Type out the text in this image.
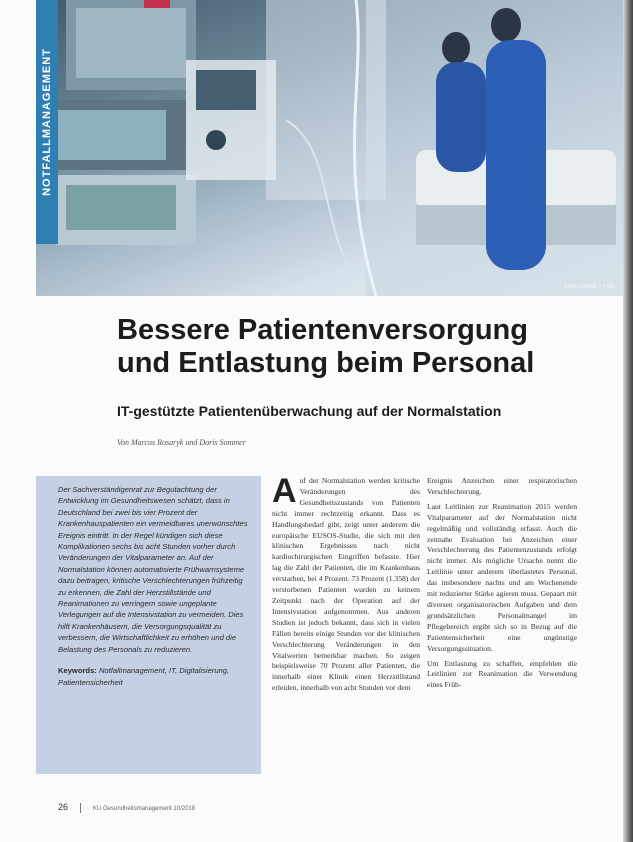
Foto: iStock – Foto
NOTFALLMANAGEMENT
Bessere Patientenversorgung
und Entlastung beim Personal
IT-gestützte Patientenüberwachung auf der Normalstation
Von Marcus Rosaryk und Doris Sommer

Der Sachverständigenrat zur Begutachtung der Entwicklung im Gesundheitswesen schätzt, dass in Deutschland bei zwei bis vier Prozent der Krankenhauspatienten ein vermeidbares unerwünschtes Ereignis eintritt. In der Regel kündigen sich diese Komplikationen sechs bis acht Stunden vorher durch Veränderungen der Vitalparameter an. Auf der Normalstation können automatisierte Frühwarnsysteme dazu beitragen, kritische Verschlechterungen frühzeitig zu erkennen, die Zahl der Herzstillstände und Reanimationen zu verringern sowie ungeplante Verlegungen auf die Intensivstation zu vermeiden. Dies hilft Krankenhäusern, die Versorgungsqualität zu verbessern, die Wirtschaftlichkeit zu erhöhen und die Belastung des Personals zu reduzieren.

Keywords: Notfallmanagement, IT, Digitalisierung, Patientensicherheit

Auf der Normalstation werden kritische Veränderungen des Gesundheitszustands von Patienten nicht immer rechtzeitig erkannt. Dass es Handlungsbedarf gibt, zeigt unter anderem die europäische EUSOS-Studie, die sich mit den klinischen Ergebnissen nach nicht kardiochirurgischen Eingriffen befasste. Hier lag die Zahl der Patienten, die im Krankenhaus verstarben, bei 4 Prozent. 73 Prozent (1.358) der verstorbenen Patienten wurden zu keinem Zeitpunkt nach der Operation auf der Intensivstation aufgenommen. Aus anderen Studien ist jedoch bekannt, dass sich in vielen Fällen bereits einige Stunden vor der klinischen Verschlechterung Veränderungen in den Vitalwerten bemerkbar machen. So zeigen beispielsweise 70 Prozent aller Patienten, die innerhalb einer Klinik einen Herzstillstand erleiden, innerhalb von acht Stunden vor dem

Ereignis Anzeichen einer respiratorischen Verschlechterung.

Laut Leitlinien zur Reanimation 2015 werden Vitalparameter auf der Normalstation nicht regelmäßig und vollständig erfasst. Auch die zeitnahe Evaluation bei Anzeichen einer Verschlechterung des Patientenzustands erfolgt nicht immer. Als mögliche Ursache nennt die Leitlinie unter anderem überlastetes Personal, das insbesondere nachts und am Wochenende mit reduzierter Stärke agieren muss. Gepaart mit diversen organisatorischen Aufgaben und dem grundsätzlichen Personalmangel im Pflegebereich ergibt sich so in Bezug auf die Patientensicherheit eine ungünstige Versorgungssituation.

Um Entlastung zu schaffen, empfehlen die Leitlinien zur Reanimation die Verwendung eines Früh-

26	KU Gesundheitsmanagement 10/2018
